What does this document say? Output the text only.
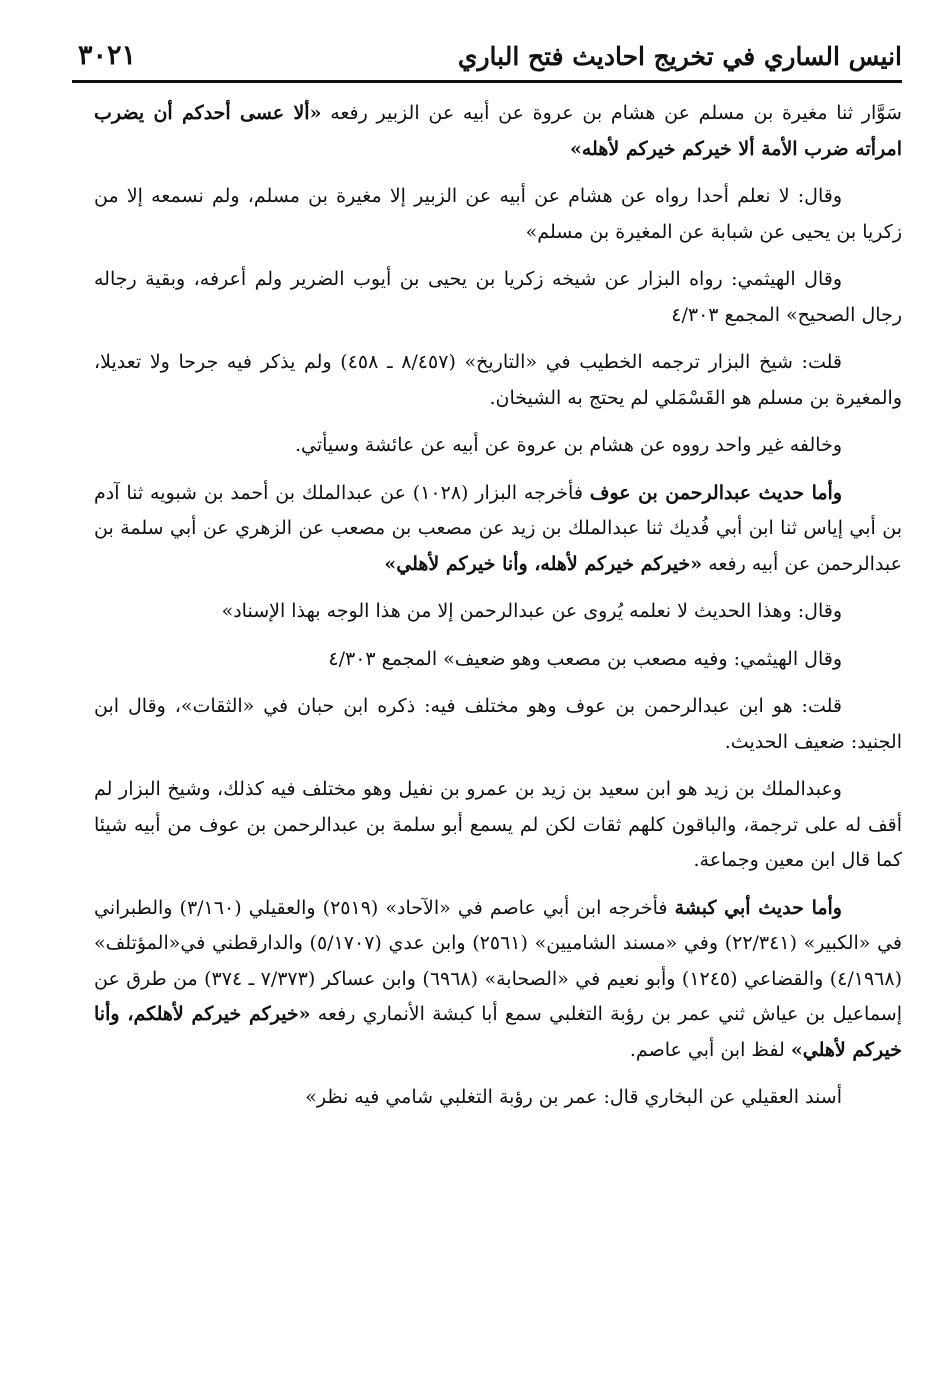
انيس الساري في تخريج احاديث فتح الباري
٣٠٢١

سَوَّار ثنا مغيرة بن مسلم عن هشام بن عروة عن أبيه عن الزبير رفعه «ألا عسى أحدكم أن يضرب امرأته ضرب الأمة ألا خيركم خيركم لأهله»

وقال: لا نعلم أحدا رواه عن هشام عن أبيه عن الزبير إلا مغيرة بن مسلم، ولم نسمعه إلا من زكريا بن يحيى عن شبابة عن المغيرة بن مسلم»

وقال الهيثمي: رواه البزار عن شيخه زكريا بن يحيى بن أيوب الضرير ولم أعرفه، وبقية رجاله رجال الصحيح» المجمع ٤/٣٠٣

قلت: شيخ البزار ترجمه الخطيب في «التاريخ» (٨/٤٥٧ ـ ٤٥٨) ولم يذكر فيه جرحا ولا تعديلا، والمغيرة بن مسلم هو القَسْمَلي لم يحتج به الشيخان.

وخالفه غير واحد رووه عن هشام بن عروة عن أبيه عن عائشة وسيأتي.

وأما حديث عبدالرحمن بن عوف فأخرجه البزار (١٠٢٨) عن عبدالملك بن أحمد بن شبويه ثنا آدم بن أبي إياس ثنا ابن أبي فُديك ثنا عبدالملك بن زيد عن مصعب بن مصعب عن الزهري عن أبي سلمة بن عبدالرحمن عن أبيه رفعه «خيركم خيركم لأهله، وأنا خيركم لأهلي»

وقال: وهذا الحديث لا نعلمه يُروى عن عبدالرحمن إلا من هذا الوجه بهذا الإسناد»

وقال الهيثمي: وفيه مصعب بن مصعب وهو ضعيف» المجمع ٤/٣٠٣

قلت: هو ابن عبدالرحمن بن عوف وهو مختلف فيه: ذكره ابن حبان في «الثقات»، وقال ابن الجنيد: ضعيف الحديث.

وعبدالملك بن زيد هو ابن سعيد بن زيد بن عمرو بن نفيل وهو مختلف فيه كذلك، وشيخ البزار لم أقف له على ترجمة، والباقون كلهم ثقات لكن لم يسمع أبو سلمة بن عبدالرحمن بن عوف من أبيه شيئا كما قال ابن معين وجماعة.

وأما حديث أبي كبشة فأخرجه ابن أبي عاصم في «الآحاد» (٢٥١٩) والعقيلي (٣/١٦٠) والطبراني في «الكبير» (٢٢/٣٤١) وفي «مسند الشاميين» (٢٥٦١) وابن عدي (٥/١٧٠٧) والدارقطني في«المؤتلف» (٤/١٩٦٨) والقضاعي (١٢٤٥) وأبو نعيم في «الصحابة» (٦٩٦٨) وابن عساكر (٧/٣٧٣ ـ ٣٧٤) من طرق عن إسماعيل بن عياش ثني عمر بن رؤبة التغلبي سمع أبا كبشة الأنماري رفعه «خيركم خيركم لأهلكم، وأنا خيركم لأهلي» لفظ ابن أبي عاصم.

أسند العقيلي عن البخاري قال: عمر بن رؤبة التغلبي شامي فيه نظر»
